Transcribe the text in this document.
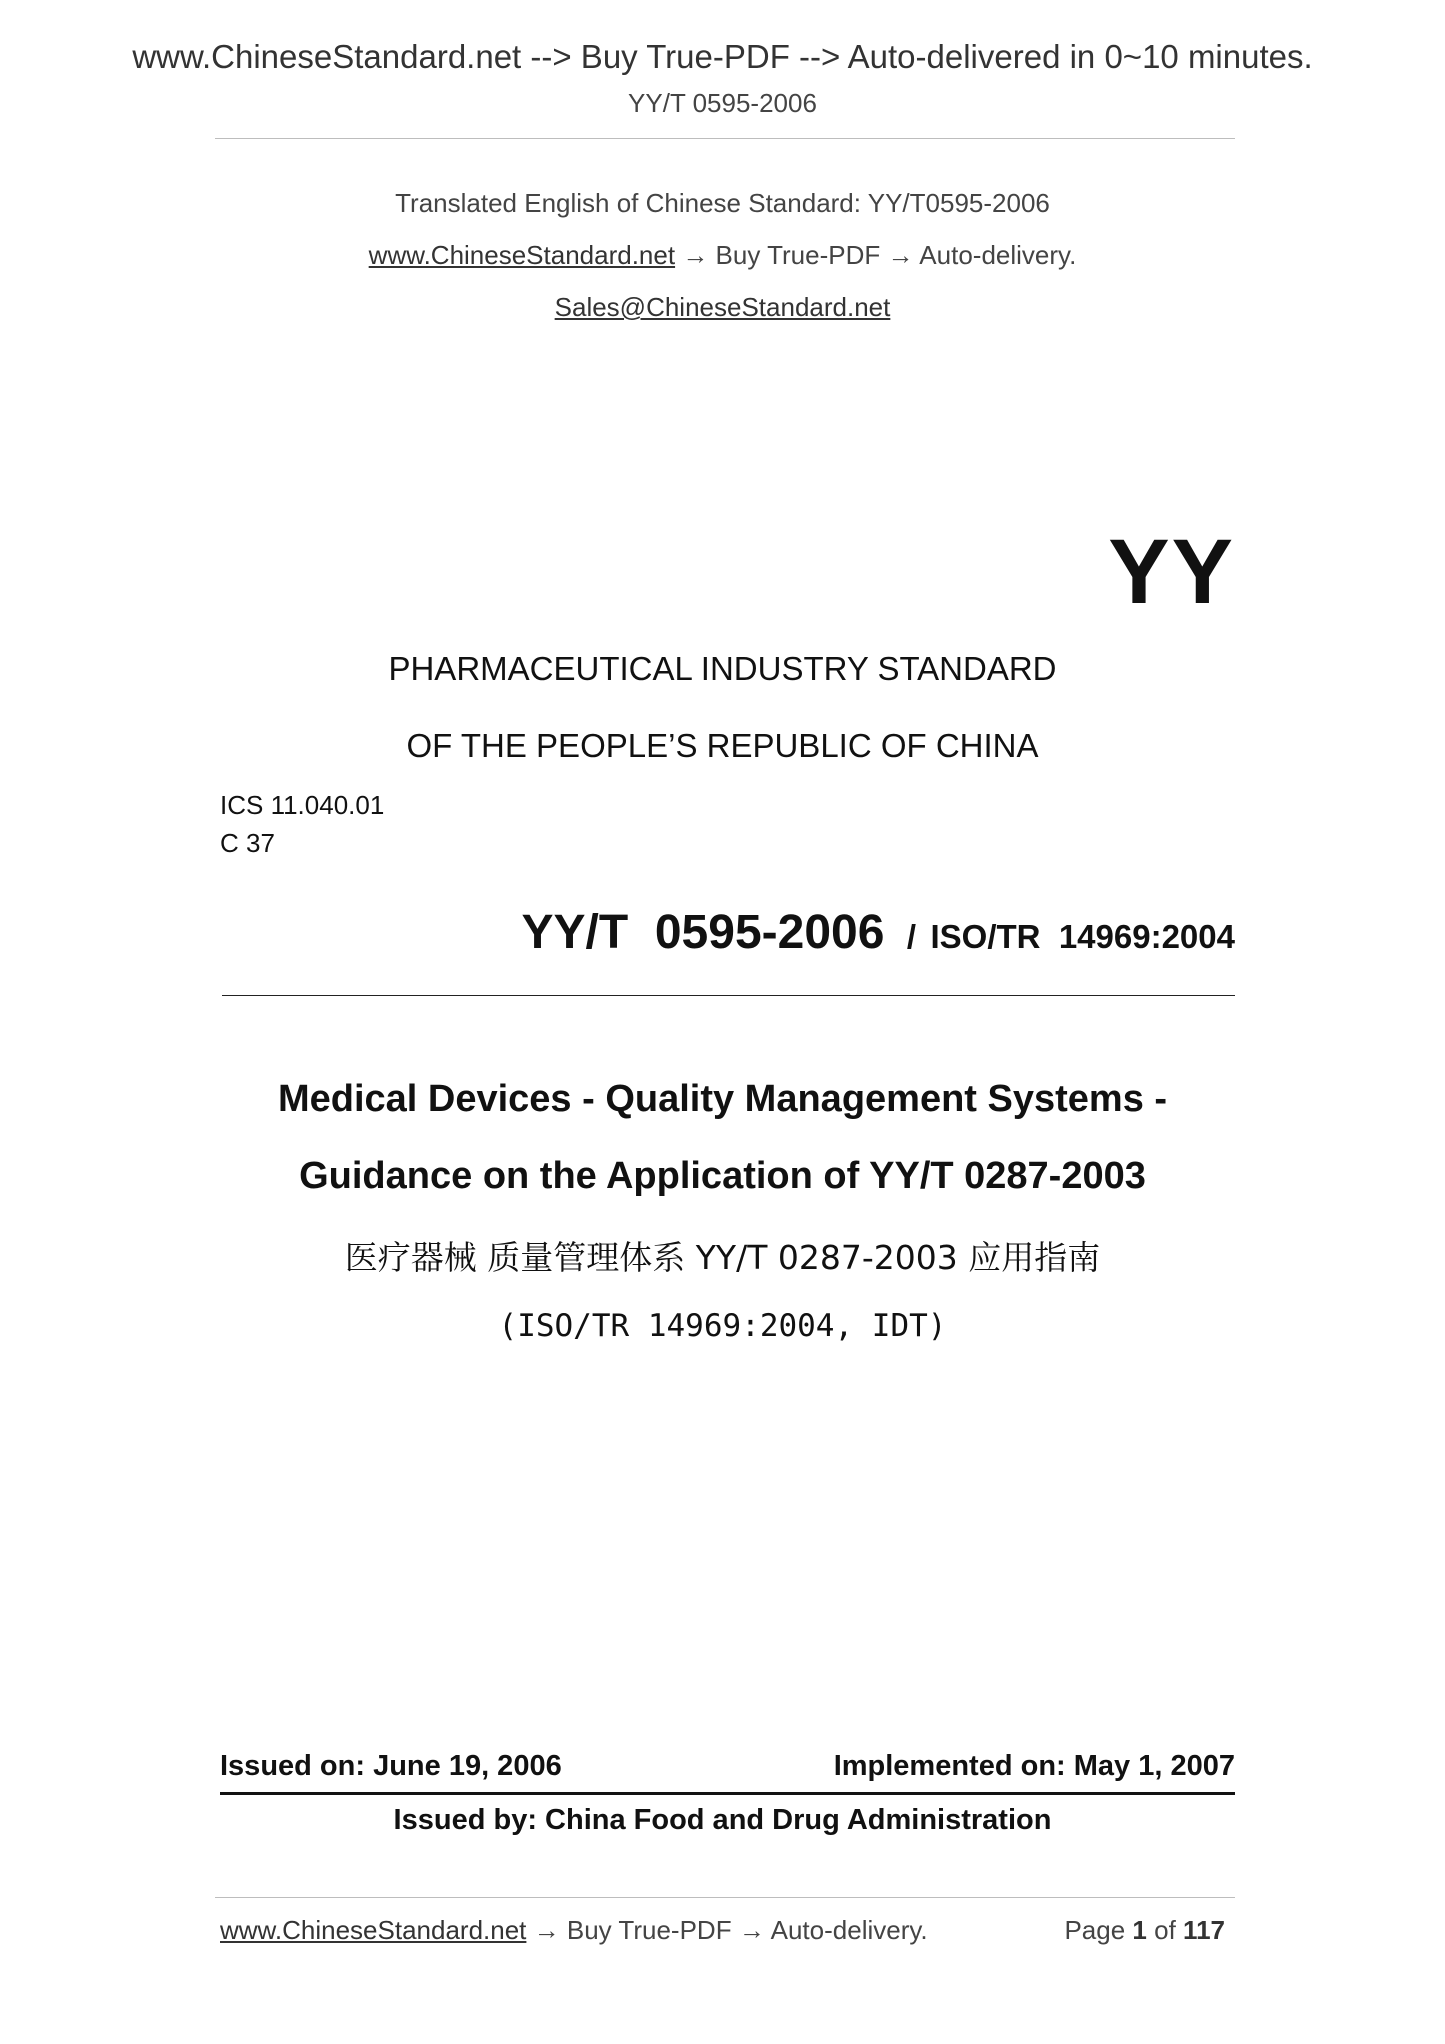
www.ChineseStandard.net --> Buy True-PDF --> Auto-delivered in 0~10 minutes.
YY/T 0595-2006
Translated English of Chinese Standard: YY/T0595-2006
www.ChineseStandard.net → Buy True-PDF → Auto-delivery.
Sales@ChineseStandard.net
YY
PHARMACEUTICAL INDUSTRY STANDARD
OF THE PEOPLE’S REPUBLIC OF CHINA
ICS 11.040.01
C 37
YY/T  0595-2006 / ISO/TR  14969:2004
Medical Devices - Quality Management Systems -
Guidance on the Application of YY/T 0287-2003
医疗器械 质量管理体系 YY/T 0287-2003 应用指南
(ISO/TR 14969:2004, IDT)
Issued on: June 19, 2006	Implemented on: May 1, 2007
Issued by: China Food and Drug Administration
www.ChineseStandard.net → Buy True-PDF → Auto-delivery.	Page 1 of 117
